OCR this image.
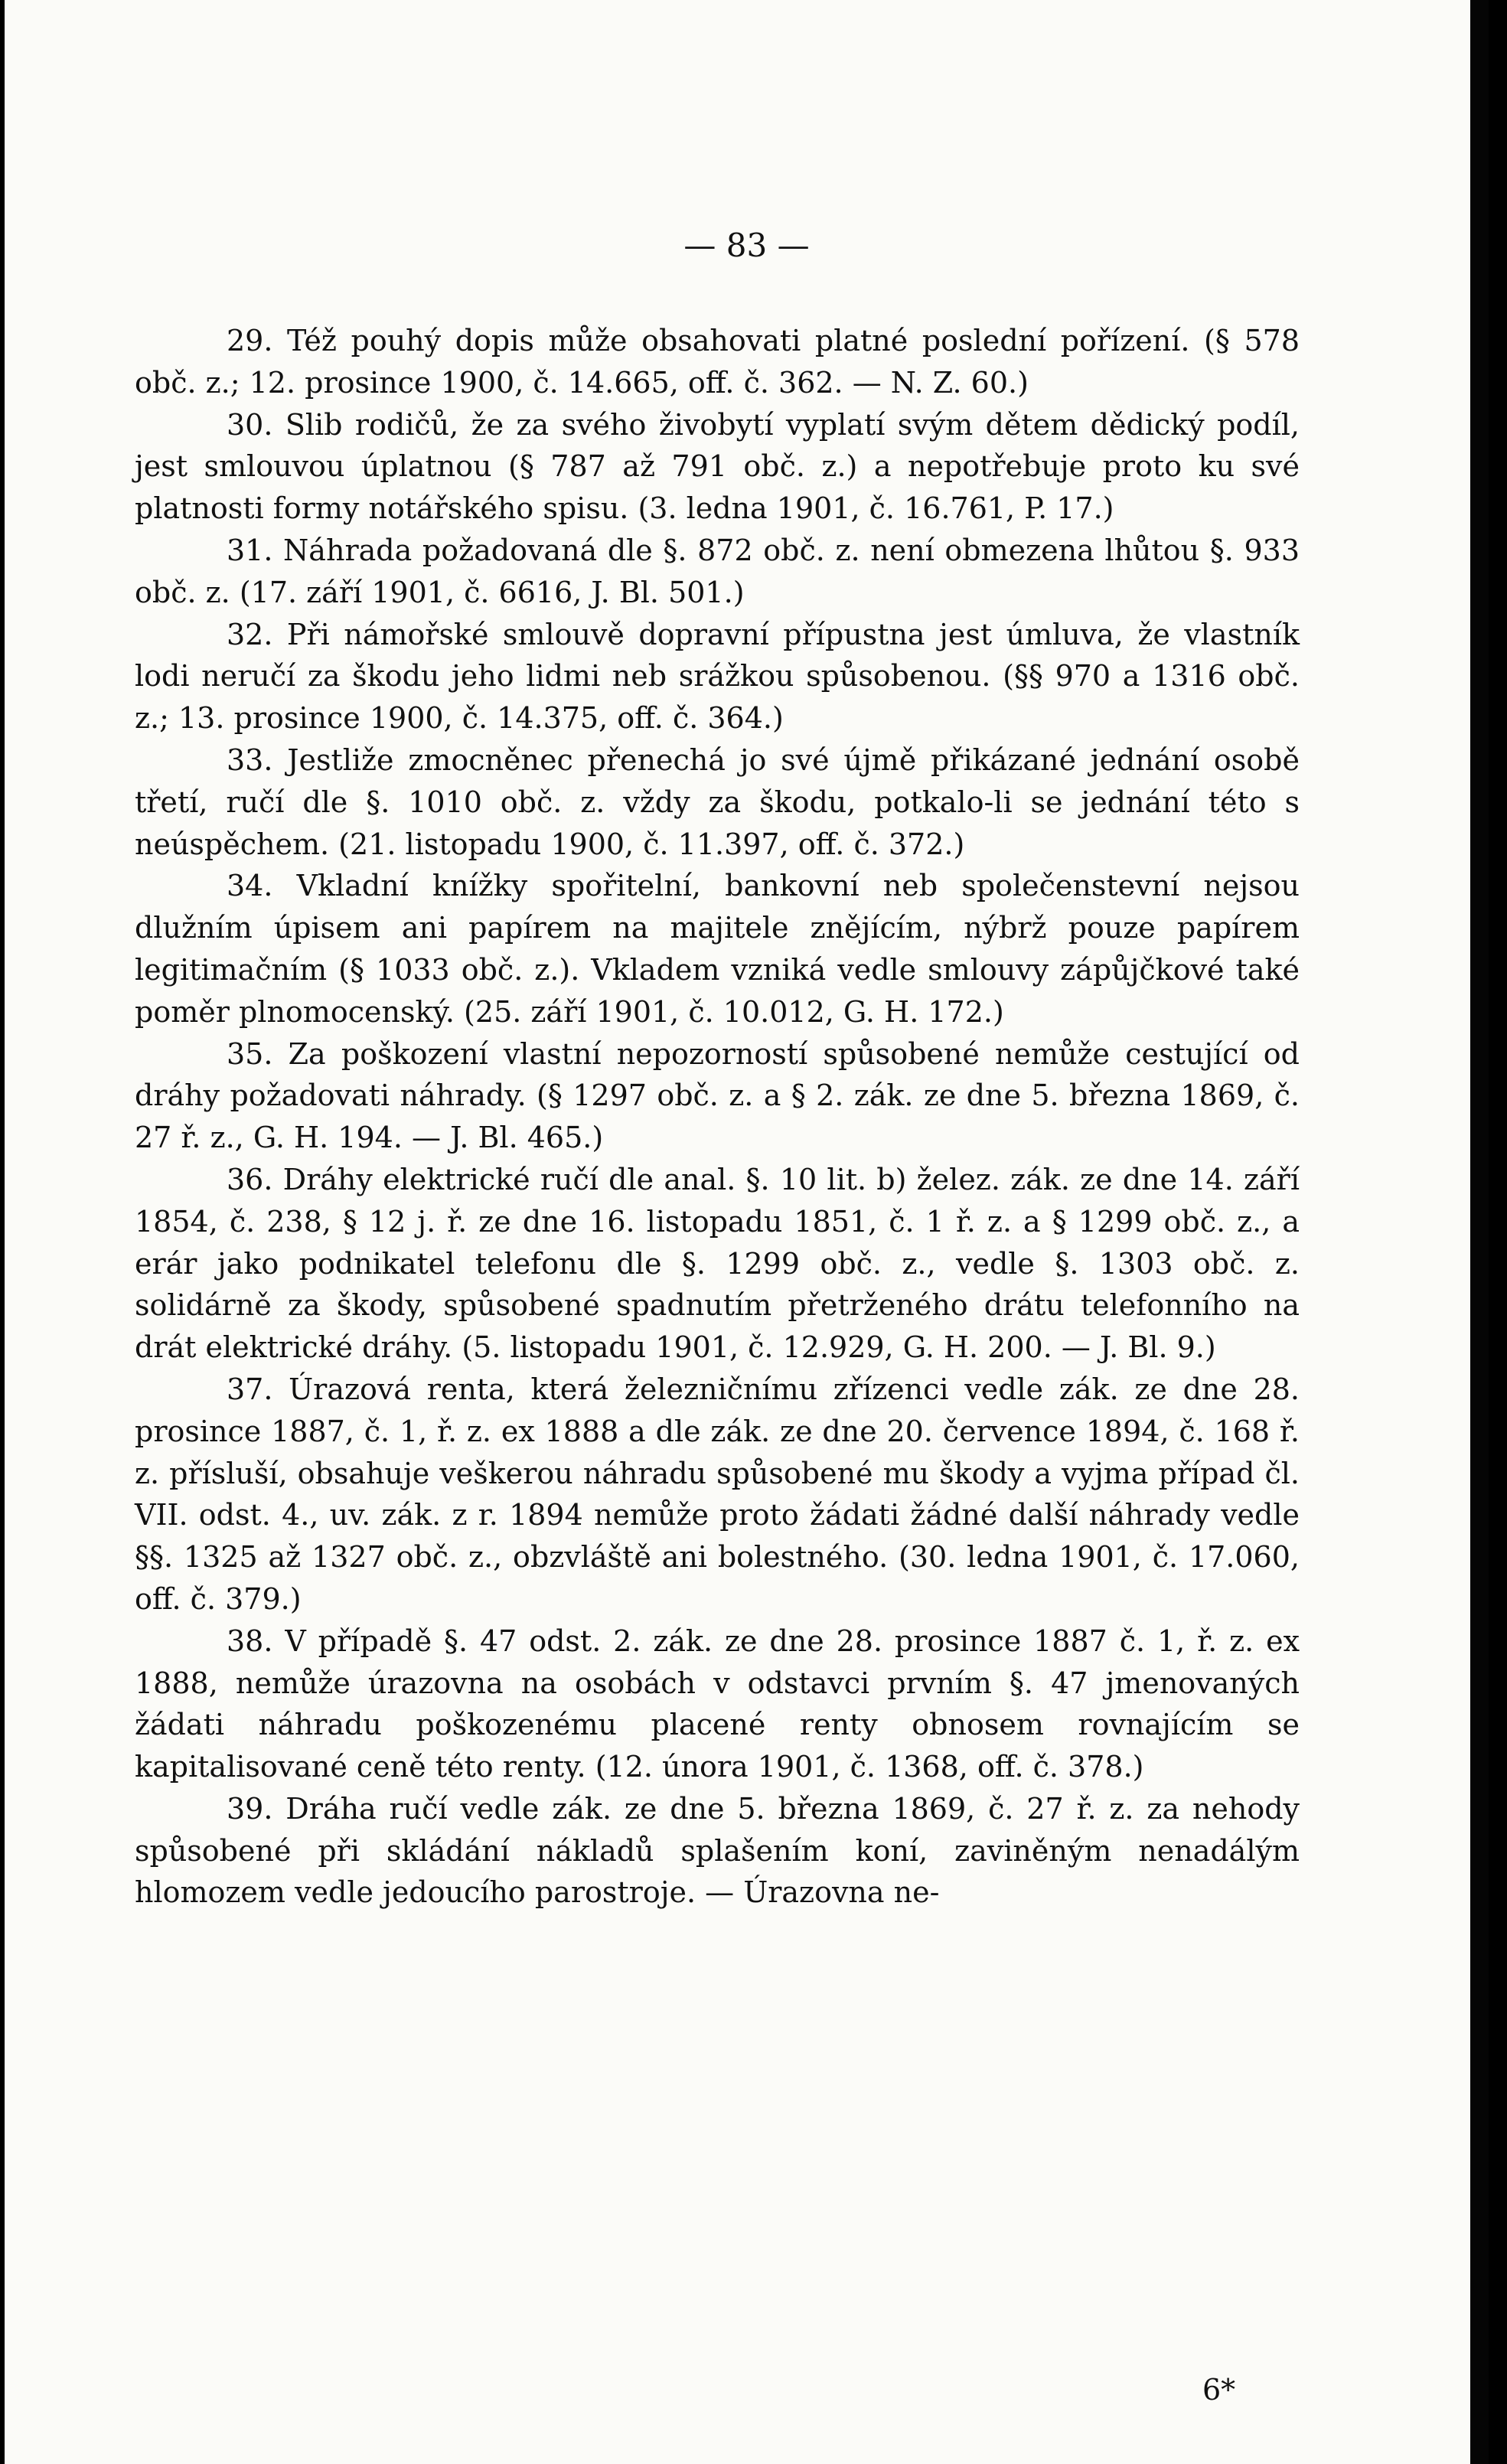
— 83 —

29. Též pouhý dopis může obsahovati platné poslední pořízení. (§ 578 obč. z.; 12. prosince 1900, č. 14.665, off. č. 362. — N. Z. 60.)

30. Slib rodičů, že za svého živobytí vyplatí svým dětem dědický podíl, jest smlouvou úplatnou (§ 787 až 791 obč. z.) a nepotřebuje proto ku své platnosti formy notářského spisu. (3. ledna 1901, č. 16.761, P. 17.)

31. Náhrada požadovaná dle §. 872 obč. z. není obmezena lhůtou §. 933 obč. z. (17. září 1901, č. 6616, J. Bl. 501.)

32. Při námořské smlouvě dopravní přípustna jest úmluva, že vlastník lodi neručí za škodu jeho lidmi neb srážkou spůsobenou. (§§ 970 a 1316 obč. z.; 13. prosince 1900, č. 14.375, off. č. 364.)

33. Jestliže zmocněnec přenechá jo své újmě přikázané jednání osobě třetí, ručí dle §. 1010 obč. z. vždy za škodu, potkalo-li se jednání této s neúspěchem. (21. listopadu 1900, č. 11.397, off. č. 372.)

34. Vkladní knížky spořitelní, bankovní neb společenstevní nejsou dlužním úpisem ani papírem na majitele znějícím, nýbrž pouze papírem legitimačním (§ 1033 obč. z.). Vkladem vzniká vedle smlouvy zápůjčkové také poměr plnomocenský. (25. září 1901, č. 10.012, G. H. 172.)

35. Za poškození vlastní nepozorností spůsobené nemůže cestující od dráhy požadovati náhrady. (§ 1297 obč. z. a § 2. zák. ze dne 5. března 1869, č. 27 ř. z., G. H. 194. — J. Bl. 465.)

36. Dráhy elektrické ručí dle anal. §. 10 lit. b) želez. zák. ze dne 14. září 1854, č. 238, § 12 j. ř. ze dne 16. listopadu 1851, č. 1 ř. z. a § 1299 obč. z., a erár jako podnikatel telefonu dle §. 1299 obč. z., vedle §. 1303 obč. z. solidárně za škody, spůsobené spadnutím přetrženého drátu telefonního na drát elektrické dráhy. (5. listopadu 1901, č. 12.929, G. H. 200. — J. Bl. 9.)

37. Úrazová renta, která železničnímu zřízenci vedle zák. ze dne 28. prosince 1887, č. 1, ř. z. ex 1888 a dle zák. ze dne 20. července 1894, č. 168 ř. z. přísluší, obsahuje veškerou náhradu spůsobené mu škody a vyjma případ čl. VII. odst. 4., uv. zák. z r. 1894 nemůže proto žádati žádné další náhrady vedle §§. 1325 až 1327 obč. z., obzvláště ani bolestného. (30. ledna 1901, č. 17.060, off. č. 379.)

38. V případě §. 47 odst. 2. zák. ze dne 28. prosince 1887 č. 1, ř. z. ex 1888, nemůže úrazovna na osobách v odstavci prvním §. 47 jmenovaných žádati náhradu poškozenému placené renty obnosem rovnajícím se kapitalisované ceně této renty. (12. února 1901, č. 1368, off. č. 378.)

39. Dráha ručí vedle zák. ze dne 5. března 1869, č. 27 ř. z. za nehody spůsobené při skládání nákladů splašením koní, zaviněným nenadálým hlomozem vedle jedoucího parostroje. — Úrazovna ne-

6*
